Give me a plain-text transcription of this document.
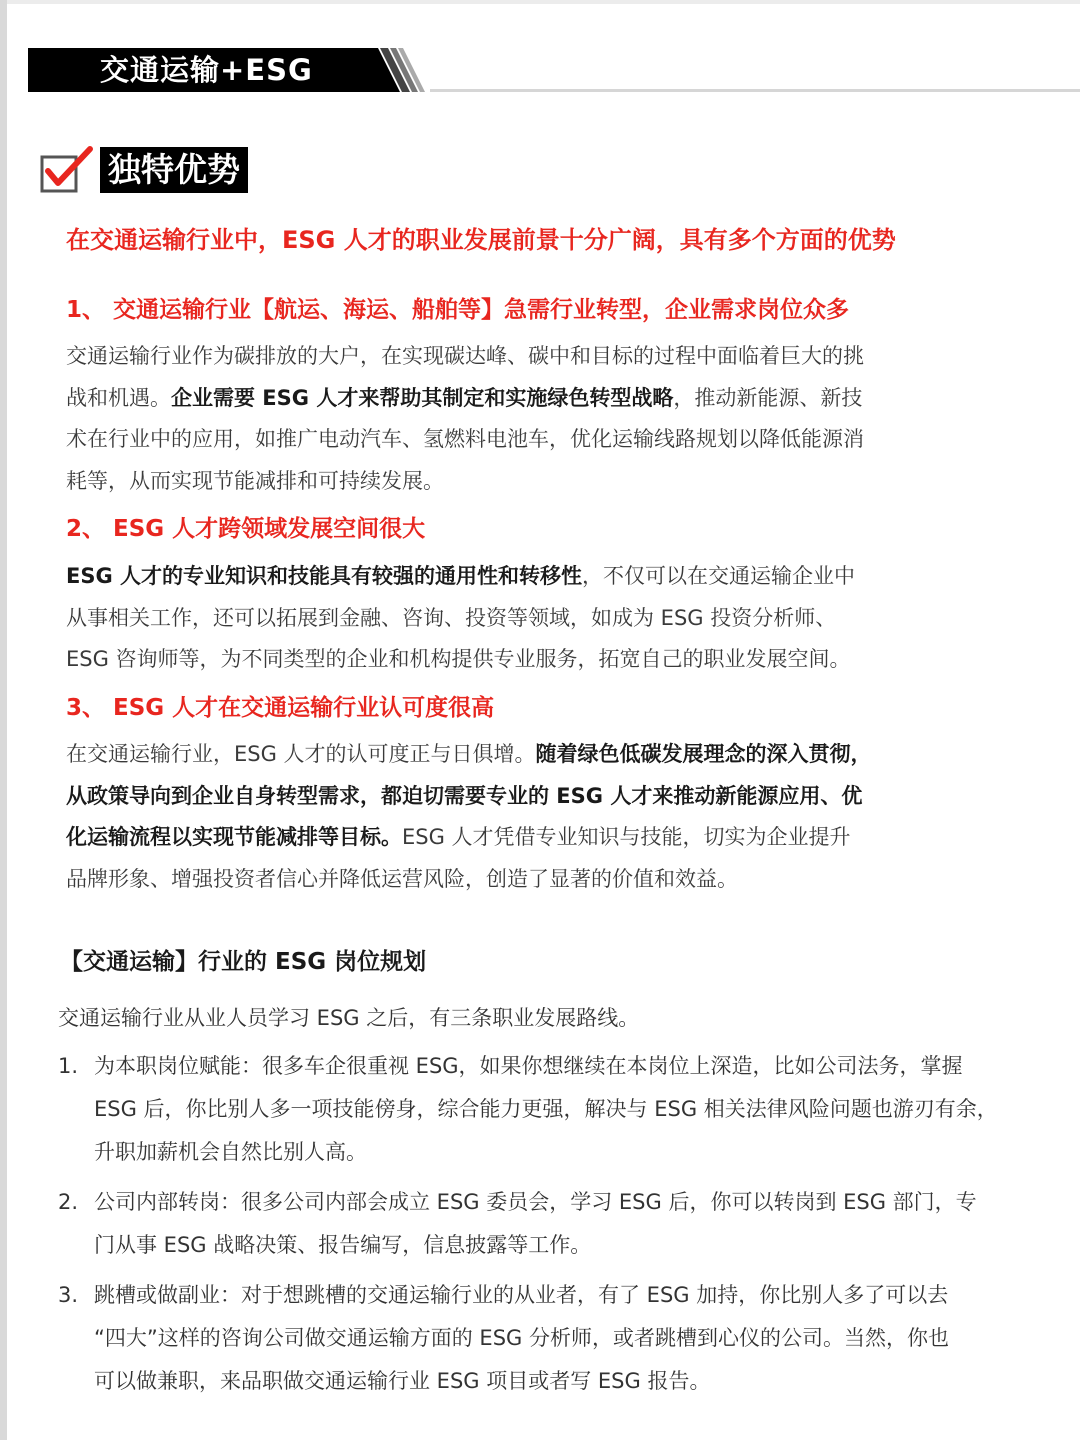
交通运输+ESG
独特优势
在交通运输行业中，ESG 人才的职业发展前景十分广阔，具有多个方面的优势
1、 交通运输行业【航运、海运、船舶等】急需行业转型，企业需求岗位众多
交通运输行业作为碳排放的大户，在实现碳达峰、碳中和目标的过程中面临着巨大的挑
战和机遇。企业需要 ESG 人才来帮助其制定和实施绿色转型战略，推动新能源、新技
术在行业中的应用，如推广电动汽车、氢燃料电池车，优化运输线路规划以降低能源消
耗等，从而实现节能减排和可持续发展。
2、 ESG 人才跨领域发展空间很大
ESG 人才的专业知识和技能具有较强的通用性和转移性，不仅可以在交通运输企业中
从事相关工作，还可以拓展到金融、咨询、投资等领域，如成为 ESG 投资分析师、
ESG 咨询师等，为不同类型的企业和机构提供专业服务，拓宽自己的职业发展空间。
3、 ESG 人才在交通运输行业认可度很高
在交通运输行业，ESG 人才的认可度正与日俱增。随着绿色低碳发展理念的深入贯彻，
从政策导向到企业自身转型需求，都迫切需要专业的 ESG 人才来推动新能源应用、优
化运输流程以实现节能减排等目标。ESG 人才凭借专业知识与技能，切实为企业提升
品牌形象、增强投资者信心并降低运营风险，创造了显著的价值和效益。
【交通运输】行业的 ESG 岗位规划
交通运输行业从业人员学习 ESG 之后，有三条职业发展路线。
1. 为本职岗位赋能：很多车企很重视 ESG，如果你想继续在本岗位上深造，比如公司法务，掌握
ESG 后，你比别人多一项技能傍身，综合能力更强，解决与 ESG 相关法律风险问题也游刃有余，
升职加薪机会自然比别人高。
2. 公司内部转岗：很多公司内部会成立 ESG 委员会，学习 ESG 后，你可以转岗到 ESG 部门，专
门从事 ESG 战略决策、报告编写，信息披露等工作。
3. 跳槽或做副业：对于想跳槽的交通运输行业的从业者，有了 ESG 加持，你比别人多了可以去
“四大”这样的咨询公司做交通运输方面的 ESG 分析师，或者跳槽到心仪的公司。当然，你也
可以做兼职，来品职做交通运输行业 ESG 项目或者写 ESG 报告。
